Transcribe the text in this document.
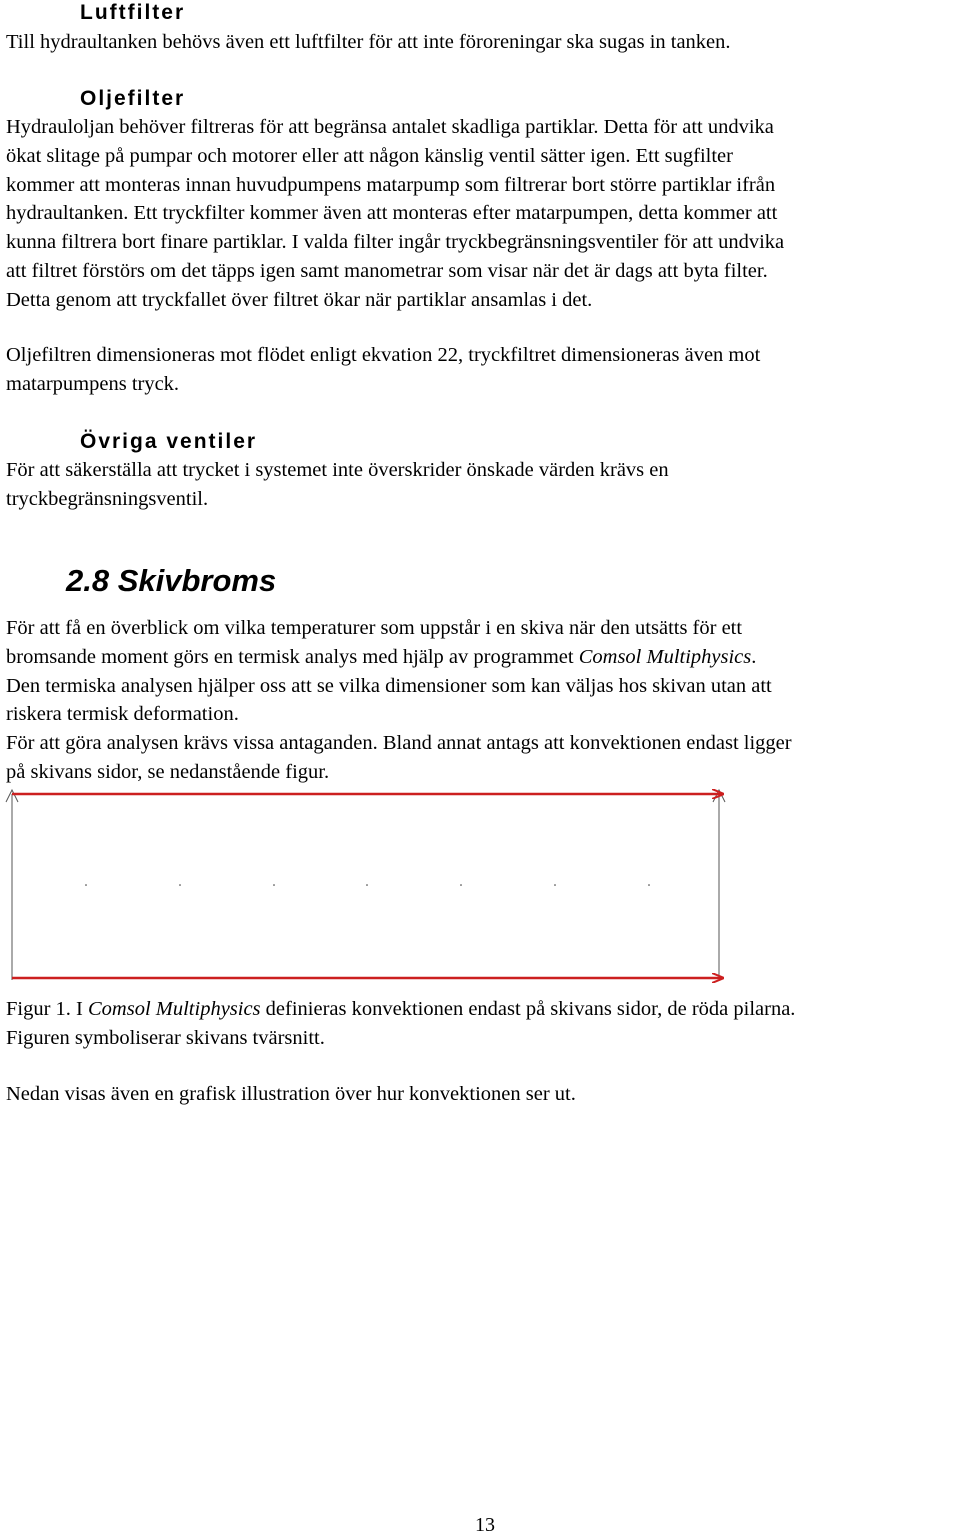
Luftfilter

Till hydraultanken behövs även ett luftfilter för att inte föroreningar ska sugas in tanken.

Oljefilter

Hydrauloljan behöver filtreras för att begränsa antalet skadliga partiklar. Detta för att undvika
ökat slitage på pumpar och motorer eller att någon känslig ventil sätter igen. Ett sugfilter
kommer att monteras innan huvudpumpens matarpump som filtrerar bort större partiklar ifrån
hydraultanken. Ett tryckfilter kommer även att monteras efter matarpumpen, detta kommer att
kunna filtrera bort finare partiklar. I valda filter ingår tryckbegränsningsventiler för att undvika
att filtret förstörs om det täpps igen samt manometrar som visar när det är dags att byta filter.
Detta genom att tryckfallet över filtret ökar när partiklar ansamlas i det.

Oljefiltren dimensioneras mot flödet enligt ekvation 22, tryckfiltret dimensioneras även mot
matarpumpens tryck.

Övriga ventiler

För att säkerställa att trycket i systemet inte överskrider önskade värden krävs en
tryckbegränsningsventil.

2.8 Skivbroms

För att få en överblick om vilka temperaturer som uppstår i en skiva när den utsätts för ett
bromsande moment görs en termisk analys med hjälp av programmet Comsol Multiphysics.
Den termiska analysen hjälper oss att se vilka dimensioner som kan väljas hos skivan utan att
riskera termisk deformation.
För att göra analysen krävs vissa antaganden. Bland annat antags att konvektionen endast ligger
på skivans sidor, se nedanstående figur.

Figur 1. I Comsol Multiphysics definieras konvektionen endast på skivans sidor, de röda pilarna.
Figuren symboliserar skivans tvärsnitt.

Nedan visas även en grafisk illustration över hur konvektionen ser ut.

13
